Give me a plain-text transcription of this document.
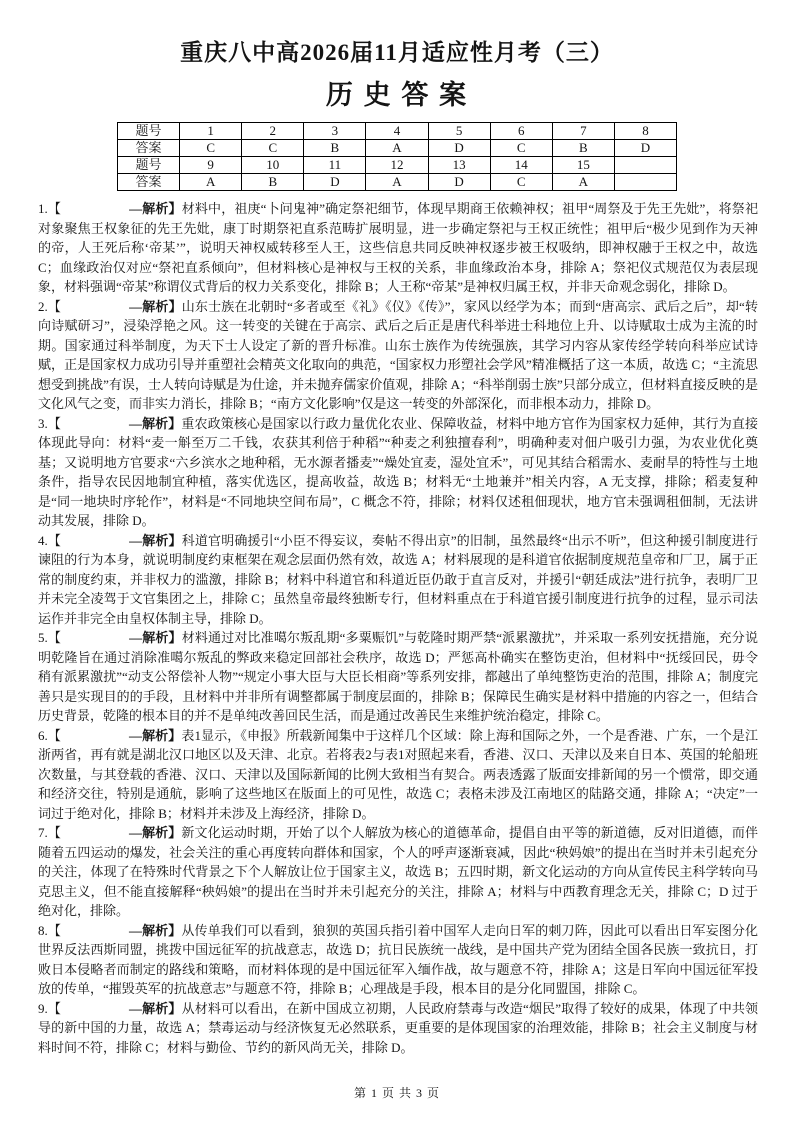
重庆八中高2026届11月适应性月考（三）
历 史 答 案
题号	1	2	3	4	5	6	7	8
答案	C	C	B	A	D	C	B	D
题号	9	10	11	12	13	14	15	
答案	A	B	D	A	D	C	A	

1.【	—解析】材料中，祖庚“卜问鬼神”确定祭祀细节，体现早期商王依赖神权；祖甲“周祭及于先王先妣”，将祭祀对象聚焦王权象征的先王先妣，康丁时期祭祀直系范畴扩展明显，进一步确定祭祀与王权正统性；祖甲后“极少见到作为天神的帝，人王死后称‘帝某’”，说明天神权威转移至人王，这些信息共同反映神权逐步被王权吸纳，即神权融于王权之中，故选 C；血缘政治仅对应“祭祀直系倾向”，但材料核心是神权与王权的关系，非血缘政治本身，排除 A；祭祀仪式规范仅为表层现象，材料强调“帝某”称谓仪式背后的权力关系变化，排除 B；人王称“帝某”是神权归属王权，并非天命观念弱化，排除 D。

2.【	—解析】山东士族在北朝时“多者或至《礼》《仪》《传》”，家风以经学为本；而到“唐高宗、武后之后”，却“转向诗赋研习”，浸染浮艳之风。这一转变的关键在于高宗、武后之后正是唐代科举进士科地位上升、以诗赋取士成为主流的时期。国家通过科举制度，为天下士人设定了新的晋升标准。山东士族作为传统强族，其学习内容从家传经学转向科举应试诗赋，正是国家权力成功引导并重塑社会精英文化取向的典范，“国家权力形塑社会学风”精准概括了这一本质，故选 C；“主流思想受到挑战”有误，士人转向诗赋是为仕途，并未抛弃儒家价值观，排除 A；“科举削弱士族”只部分成立，但材料直接反映的是文化风气之变，而非实力消长，排除 B；“南方文化影响”仅是这一转变的外部深化，而非根本动力，排除 D。

3.【	—解析】重农政策核心是国家以行政力量优化农业、保障收益，材料中地方官作为国家权力延伸，其行为直接体现此导向：材料“麦一斛至万二千钱，农获其利倍于种稻”“种麦之利独擅春利”，明确种麦对佃户吸引力强，为农业优化奠基；又说明地方官要求“六乡滨水之地种稻，无水源者播麦”“燥处宜麦，湿处宜禾”，可见其结合稻需水、麦耐旱的特性与土地条件，指导农民因地制宜种植，落实优选区，提高收益，故选 B；材料无“土地兼并”相关内容，A 无支撑，排除；稻麦复种是“同一地块时序轮作”，材料是“不同地块空间布局”，C 概念不符，排除；材料仅述租佃现状，地方官未强调租佃制，无法讲动其发展，排除 D。

4.【	—解析】科道官明确援引“小臣不得妄议，奏帖不得出京”的旧制，虽然最终“出示不听”，但这种援引制度进行谏阻的行为本身，就说明制度约束框架在观念层面仍然有效，故选 A；材料展现的是科道官依据制度规范皇帝和厂卫，属于正常的制度约束，并非权力的滥激，排除 B；材料中科道官和科道近臣仍敢于直言反对，并援引“朝廷成法”进行抗争，表明厂卫并未完全凌驾于文官集团之上，排除 C；虽然皇帝最终独断专行，但材料重点在于科道官援引制度进行抗争的过程，显示司法运作并非完全由皇权体制主导，排除 D。

5.【	—解析】材料通过对比准噶尔叛乱期“多粟赈饥”与乾隆时期严禁“派累激扰”，并采取一系列安抚措施，充分说明乾隆旨在通过消除准噶尔叛乱的弊政来稳定回部社会秩序，故选 D；严惩高朴确实在整饬吏治，但材料中“抚绥回民，毋令稍有派累激扰”“动支公帑偿补人物”“规定小事大臣与大臣长相商”等系列安排，都越出了单纯整饬吏治的范围，排除 A；制度完善只是实现目的的手段，且材料中并非所有调整都属于制度层面的，排除 B；保障民生确实是材料中措施的内容之一，但结合历史背景，乾隆的根本目的并不是单纯改善回民生活，而是通过改善民生来维护统治稳定，排除 C。

6.【	—解析】表1显示，《申报》所载新闻集中于这样几个区域：除上海和国际之外，一个是香港、广东，一个是江浙两省，再有就是湖北汉口地区以及天津、北京。若将表2与表1对照起来看，香港、汉口、天津以及来自日本、英国的轮船班次数量，与其登载的香港、汉口、天津以及国际新闻的比例大致相当有契合。两表透露了版面安排新闻的另一个惯常，即交通和经济交往，特别是通航，影响了这些地区在版面上的可见性，故选 C；表格未涉及江南地区的陆路交通，排除 A；“决定”一词过于绝对化，排除 B；材料并未涉及上海经济，排除 D。

7.【	—解析】新文化运动时期，开始了以个人解放为核心的道德革命，提倡自由平等的新道德，反对旧道德，而伴随着五四运动的爆发，社会关注的重心再度转向群体和国家，个人的呼声逐渐衰减，因此“秧妈娘”的提出在当时并未引起充分的关注，体现了在特殊时代背景之下个人解放让位于国家主义，故选 B；五四时期，新文化运动的方向从宣传民主科学转向马克思主义，但不能直接解释“秧妈娘”的提出在当时并未引起充分的关注，排除 A；材料与中西教育理念无关，排除 C；D 过于绝对化，排除。

8.【	—解析】从传单我们可以看到，狼狈的英国兵指引着中国军人走向日军的刺刀阵，因此可以看出日军妄图分化世界反法西斯同盟，挑拨中国远征军的抗战意志，故选 D；抗日民族统一战线，是中国共产党为团结全国各民族一致抗日，打败日本侵略者而制定的路线和策略，而材料体现的是中国远征军入缅作战，故与题意不符，排除 A；这是日军向中国远征军投放的传单，“摧毁英军的抗战意志”与题意不符，排除 B；心理战是手段，根本目的是分化同盟国，排除 C。

9.【	—解析】从材料可以看出，在新中国成立初期，人民政府禁毒与改造“烟民”取得了较好的成果，体现了中共领导的新中国的力量，故选 A；禁毒运动与经济恢复无必然联系，更重要的是体现国家的治理效能，排除 B；社会主义制度与材料时间不符，排除 C；材料与勤俭、节约的新风尚无关，排除 D。

第 1 页 共 3 页
